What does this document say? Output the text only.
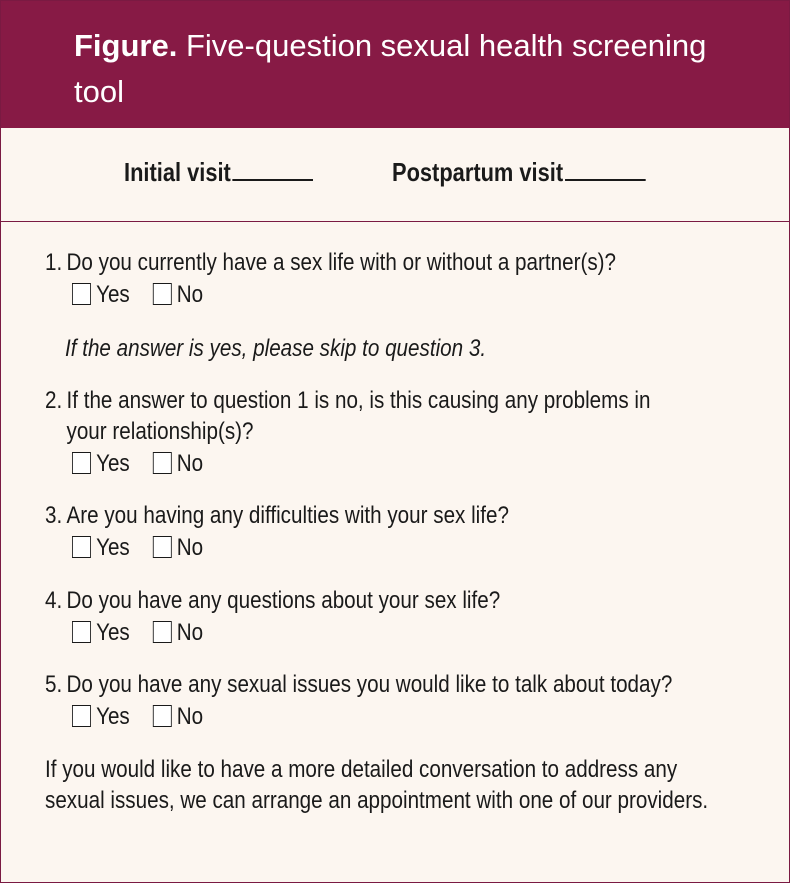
Figure. Five-question sexual health screening tool
Initial visit	Postpartum visit
1. Do you currently have a sex life with or without a partner(s)?
Yes No
If the answer is yes, please skip to question 3.
2. If the answer to question 1 is no, is this causing any problems in
your relationship(s)?
Yes No
3. Are you having any difficulties with your sex life?
Yes No
4. Do you have any questions about your sex life?
Yes No
5. Do you have any sexual issues you would like to talk about today?
Yes No
If you would like to have a more detailed conversation to address any sexual issues, we can arrange an appointment with one of our providers.
